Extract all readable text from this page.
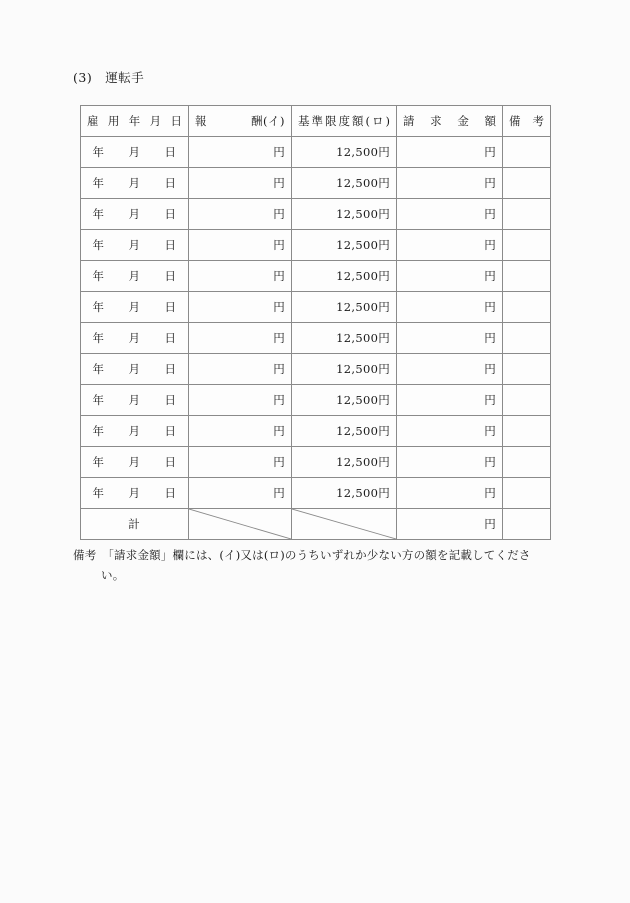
(3)　運転手
雇用年月日	報 酬(イ)	基準限度額(ロ)	請求金額	備考

年　　月　　日	円	12,500円	円	
年　　月　　日	円	12,500円	円	
年　　月　　日	円	12,500円	円	
年　　月　　日	円	12,500円	円	
年　　月　　日	円	12,500円	円	
年　　月　　日	円	12,500円	円	
年　　月　　日	円	12,500円	円	
年　　月　　日	円	12,500円	円	
年　　月　　日	円	12,500円	円	
年　　月　　日	円	12,500円	円	
年　　月　　日	円	12,500円	円	
年　　月　　日	円	12,500円	円	
計			円	
備考　「請求金額」欄には、(イ)又は(ロ)のうちいずれか少ない方の額を記載してくださ
い。
